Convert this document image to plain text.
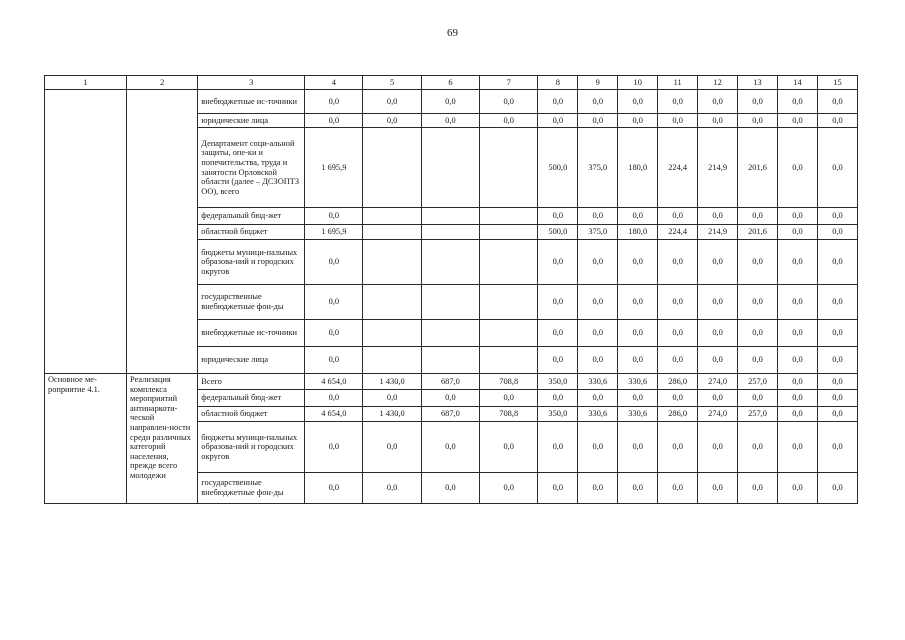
69
1	2	3	4	5	6	7	8	9	10	11	12	13	14	15
		внебюджетные ис-точники	0,0	0,0	0,0	0,0	0,0	0,0	0,0	0,0	0,0	0,0	0,0	0,0
		юридические лица	0,0	0,0	0,0	0,0	0,0	0,0	0,0	0,0	0,0	0,0	0,0	0,0
		Департамент соци-альной защиты, опе-ки и попечительства, труда и занятости Орловской области (далее – ДСЗОПТЗ ОО), всего	1 695,9				500,0	375,0	180,0	224,4	214,9	201,6	0,0	0,0
		федеральный бюд-жет	0,0				0,0	0,0	0,0	0,0	0,0	0,0	0,0	0,0
		областной бюджет	1 695,9				500,0	375,0	180,0	224,4	214,9	201,6	0,0	0,0
		бюджеты муници-пальных образова-ний и городских округов	0,0				0,0	0,0	0,0	0,0	0,0	0,0	0,0	0,0
		государственные внебюджетные фон-ды	0,0				0,0	0,0	0,0	0,0	0,0	0,0	0,0	0,0
		внебюджетные ис-точники	0,0				0,0	0,0	0,0	0,0	0,0	0,0	0,0	0,0
		юридические лица	0,0				0,0	0,0	0,0	0,0	0,0	0,0	0,0	0,0
Основное ме-роприятие 4.1.	Реализация комплекса мероприятий антинаркоти-ческой направлен-ности среди различных категорий населения, прежде всего молодежи	Всего	4 654,0	1 430,0	687,0	708,8	350,0	330,6	330,6	286,0	274,0	257,0	0,0	0,0
		федеральный бюд-жет	0,0	0,0	0,0	0,0	0,0	0,0	0,0	0,0	0,0	0,0	0,0	0,0
		областной бюджет	4 654,0	1 430,0	687,0	708,8	350,0	330,6	330,6	286,0	274,0	257,0	0,0	0,0
		бюджеты муници-пальных образова-ний и городских округов	0,0	0,0	0,0	0,0	0,0	0,0	0,0	0,0	0,0	0,0	0,0	0,0
		государственные внебюджетные фон-ды	0,0	0,0	0,0	0,0	0,0	0,0	0,0	0,0	0,0	0,0	0,0	0,0
